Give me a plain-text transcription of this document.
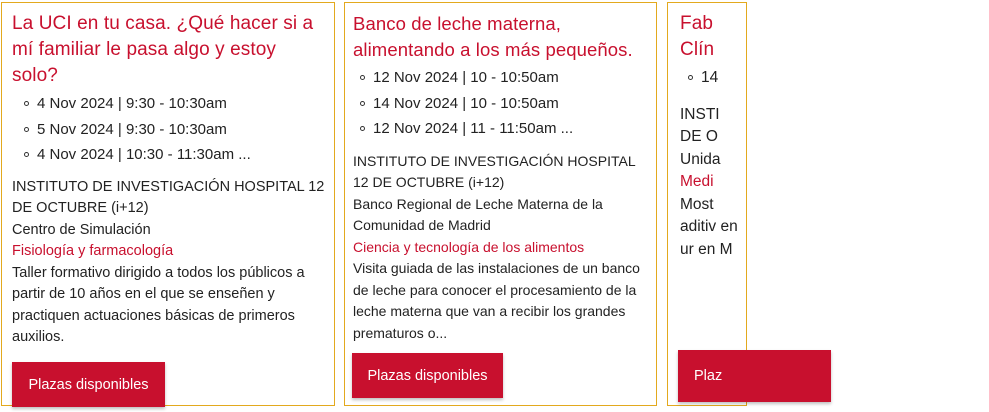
La UCI en tu casa. ¿Qué hacer si a mí familiar le pasa algo y estoy solo?
4 Nov 2024 | 9:30 - 10:30am
5 Nov 2024 | 9:30 - 10:30am
4 Nov 2024 | 10:30 - 11:30am ...
INSTITUTO DE INVESTIGACIÓN HOSPITAL 12 DE OCTUBRE (i+12)
Centro de Simulación
Fisiología y farmacología
Taller formativo dirigido a todos los públicos a partir de 10 años en el que se enseñen y practiquen actuaciones básicas de primeros auxilios.
Plazas disponibles
Banco de leche materna, alimentando a los más pequeños.
12 Nov 2024 | 10 - 10:50am
14 Nov 2024 | 10 - 10:50am
12 Nov 2024 | 11 - 11:50am ...
INSTITUTO DE INVESTIGACIÓN HOSPITAL 12 DE OCTUBRE (i+12)
Banco Regional de Leche Materna de la Comunidad de Madrid
Ciencia y tecnología de los alimentos
Visita guiada de las instalaciones de un banco de leche para conocer el procesamiento de la leche materna que van a recibir los grandes prematuros o...
Plazas disponibles
Fab Clín
14
INSTI DE O
Unida
Medi
Most aditiv en ur en M
Plaz
